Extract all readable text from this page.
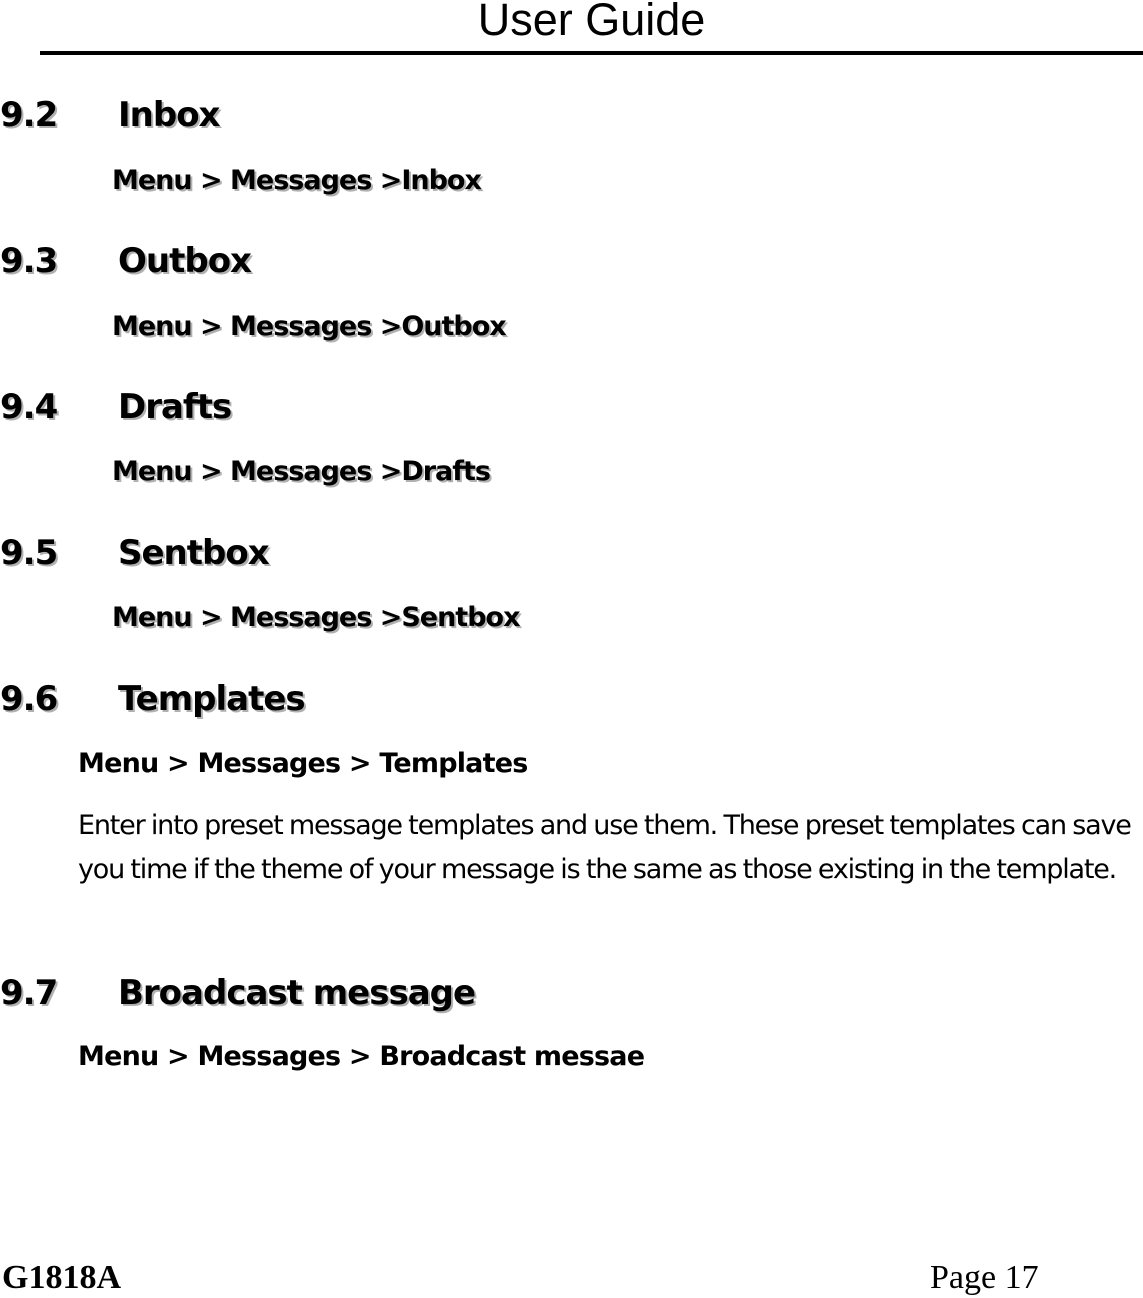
User Guide
9.2 Inbox
Menu > Messages >Inbox
9.3 Outbox
Menu > Messages >Outbox
9.4 Drafts
Menu > Messages >Drafts
9.5 Sentbox
Menu > Messages >Sentbox
9.6 Templates
Menu > Messages > Templates
Enter into preset message templates and use them. These preset templates can save you time if the theme of your message is the same as those existing in the template.
9.7 Broadcast message
Menu > Messages > Broadcast messae
G1818A	Page 17
